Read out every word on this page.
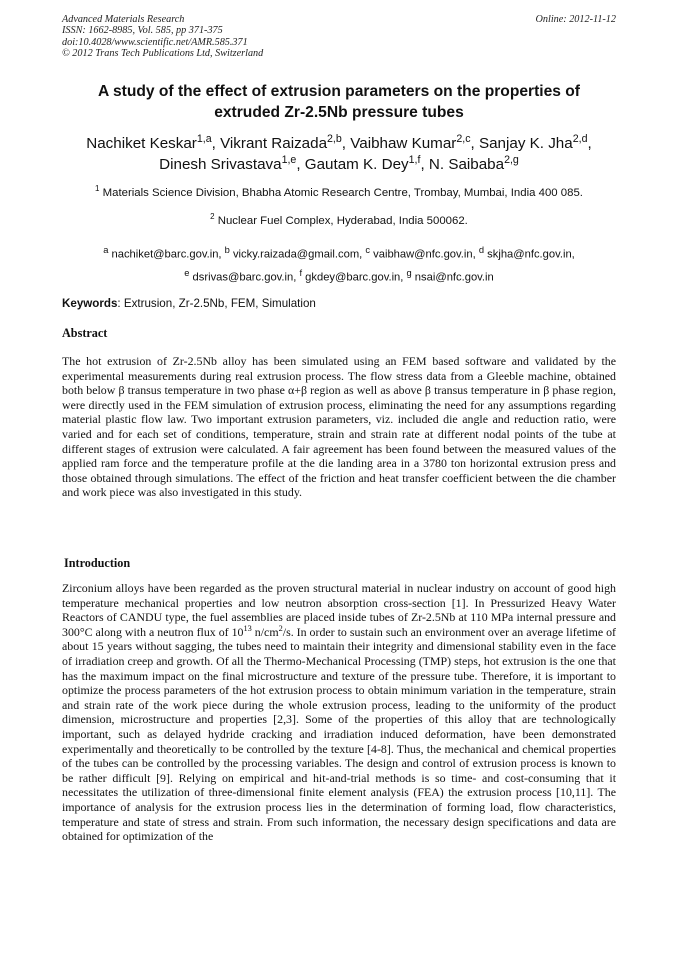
Advanced Materials Research
ISSN: 1662-8985, Vol. 585, pp 371-375
doi:10.4028/www.scientific.net/AMR.585.371
© 2012 Trans Tech Publications Ltd, Switzerland
Online: 2012-11-12
A study of the effect of extrusion parameters on the properties of
extruded Zr-2.5Nb pressure tubes
Nachiket Keskar$^{1,a}$, Vikrant Raizada$^{2,b}$, Vaibhaw Kumar$^{2,c}$, Sanjay K. Jha$^{2,d}$,
Dinesh Srivastava$^{1,e}$, Gautam K. Dey$^{1,f}$, N. Saibaba$^{2,g}$
$^1$ Materials Science Division, Bhabha Atomic Research Centre, Trombay, Mumbai, India 400 085.
$^2$ Nuclear Fuel Complex, Hyderabad, India 500062.
$^a$ nachiket@barc.gov.in, $^b$ vicky.raizada@gmail.com, $^c$ vaibhaw@nfc.gov.in, $^d$ skjha@nfc.gov.in,
$^e$ dsrivas@barc.gov.in, $^f$ gkdey@barc.gov.in, $^g$ nsai@nfc.gov.in
Keywords: Extrusion, Zr-2.5Nb, FEM, Simulation
Abstract
The hot extrusion of Zr-2.5Nb alloy has been simulated using an FEM based software and validated by the experimental measurements during real extrusion process. The flow stress data from a Gleeble machine, obtained both below β transus temperature in two phase α+β region as well as above β transus temperature in β phase region, were directly used in the FEM simulation of extrusion process, eliminating the need for any assumptions regarding material plastic flow law. Two important extrusion parameters, viz. included die angle and reduction ratio, were varied and for each set of conditions, temperature, strain and strain rate at different nodal points of the tube at different stages of extrusion were calculated. A fair agreement has been found between the measured values of the applied ram force and the temperature profile at the die landing area in a 3780 ton horizontal extrusion press and those obtained through simulations. The effect of the friction and heat transfer coefficient between the die chamber and work piece was also investigated in this study.
Introduction
Zirconium alloys have been regarded as the proven structural material in nuclear industry on account of good high temperature mechanical properties and low neutron absorption cross-section [1]. In Pressurized Heavy Water Reactors of CANDU type, the fuel assemblies are placed inside tubes of Zr-2.5Nb at 110 MPa internal pressure and 300°C along with a neutron flux of $10^{13}$ $n/cm^2/s$. In order to sustain such an environment over an average lifetime of about 15 years without sagging, the tubes need to maintain their integrity and dimensional stability even in the face of irradiation creep and growth. Of all the Thermo-Mechanical Processing (TMP) steps, hot extrusion is the one that has the maximum impact on the final microstructure and texture of the pressure tube. Therefore, it is important to optimize the process parameters of the hot extrusion process to obtain minimum variation in the temperature, strain and strain rate of the work piece during the whole extrusion process, leading to the uniformity of the product dimension, microstructure and properties [2,3]. Some of the properties of this alloy that are technologically important, such as delayed hydride cracking and irradiation induced deformation, have been demonstrated experimentally and theoretically to be controlled by the texture [4-8]. Thus, the mechanical and chemical properties of the tubes can be controlled by the processing variables. The design and control of extrusion process is known to be rather difficult [9]. Relying on empirical and hit-and-trial methods is so time- and cost-consuming that it necessitates the utilization of three-dimensional finite element analysis (FEA) the extrusion process [10,11]. The importance of analysis for the extrusion process lies in the determination of forming load, flow characteristics, temperature and state of stress and strain. From such information, the necessary design specifications and data are obtained for optimization of the
